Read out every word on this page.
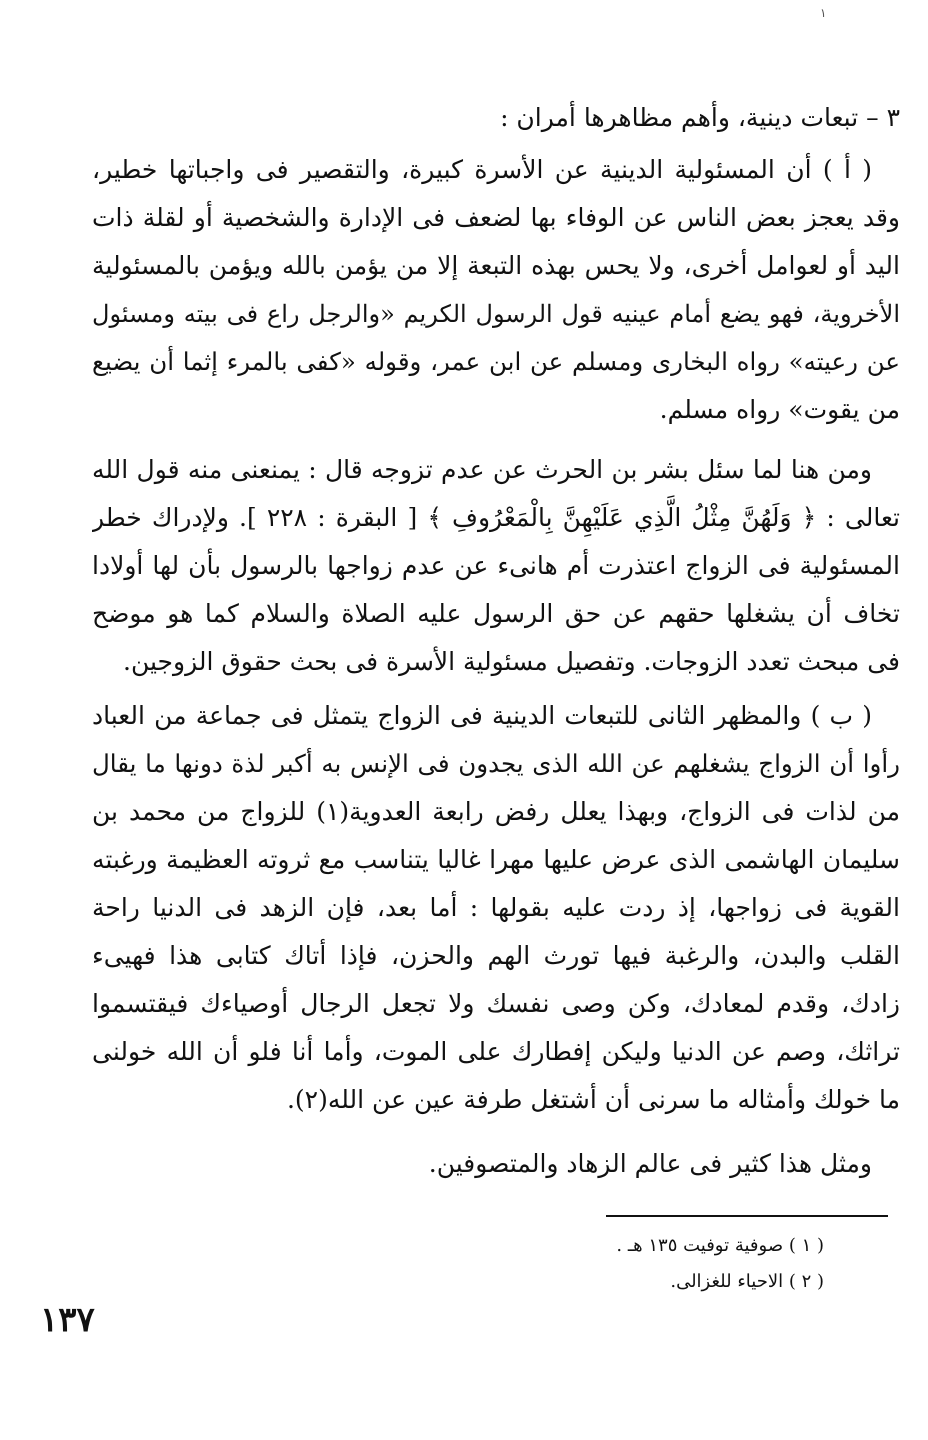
١
٣ – تبعات دينية، وأهم مظاهرها أمران :
( أ ) أن المسئولية الدينية عن الأسرة كبيرة، والتقصير فى واجباتها خطير،
وقد يعجز بعض الناس عن الوفاء بها لضعف فى الإدارة والشخصية أو لقلة ذات
اليد أو لعوامل أخرى، ولا يحس بهذه التبعة إلا من يؤمن بالله ويؤمن بالمسئولية
الأخروية، فهو يضع أمام عينيه قول الرسول الكريم «والرجل راع فى بيته ومسئول
عن رعيته» رواه البخارى ومسلم عن ابن عمر، وقوله «كفى بالمرء إثما أن يضيع
من يقوت» رواه مسلم.
ومن هنا لما سئل بشر بن الحرث عن عدم تزوجه قال : يمنعنى منه قول الله
تعالى : ﴿ وَلَهُنَّ مِثْلُ الَّذِي عَلَيْهِنَّ بِالْمَعْرُوفِ ﴾ [ البقرة : ٢٢٨ ]. ولإدراك خطر
المسئولية فى الزواج اعتذرت أم هانىء عن عدم زواجها بالرسول بأن لها أولادا
تخاف أن يشغلها حقهم عن حق الرسول عليه الصلاة والسلام كما هو موضح
فى مبحث تعدد الزوجات. وتفصيل مسئولية الأسرة فى بحث حقوق الزوجين.
( ب ) والمظهر الثانى للتبعات الدينية فى الزواج يتمثل فى جماعة من العباد
رأوا أن الزواج يشغلهم عن الله الذى يجدون فى الإنس به أكبر لذة دونها ما يقال
من لذات فى الزواج، وبهذا يعلل رفض رابعة العدوية(١) للزواج من محمد بن
سليمان الهاشمى الذى عرض عليها مهرا غاليا يتناسب مع ثروته العظيمة ورغبته
القوية فى زواجها، إذ ردت عليه بقولها : أما بعد، فإن الزهد فى الدنيا راحة
القلب والبدن، والرغبة فيها تورث الهم والحزن، فإذا أتاك كتابى هذا فهيىء
زادك، وقدم لمعادك، وكن وصى نفسك ولا تجعل الرجال أوصياءك فيقتسموا
تراثك، وصم عن الدنيا وليكن إفطارك على الموت، وأما أنا فلو أن الله خولنى
ما خولك وأمثاله ما سرنى أن أشتغل طرفة عين عن الله(٢).
ومثل هذا كثير فى عالم الزهاد والمتصوفين.
( ١ ) صوفية توفيت ١٣٥ هـ .
( ٢ ) الاحياء للغزالى.
١٣٧
